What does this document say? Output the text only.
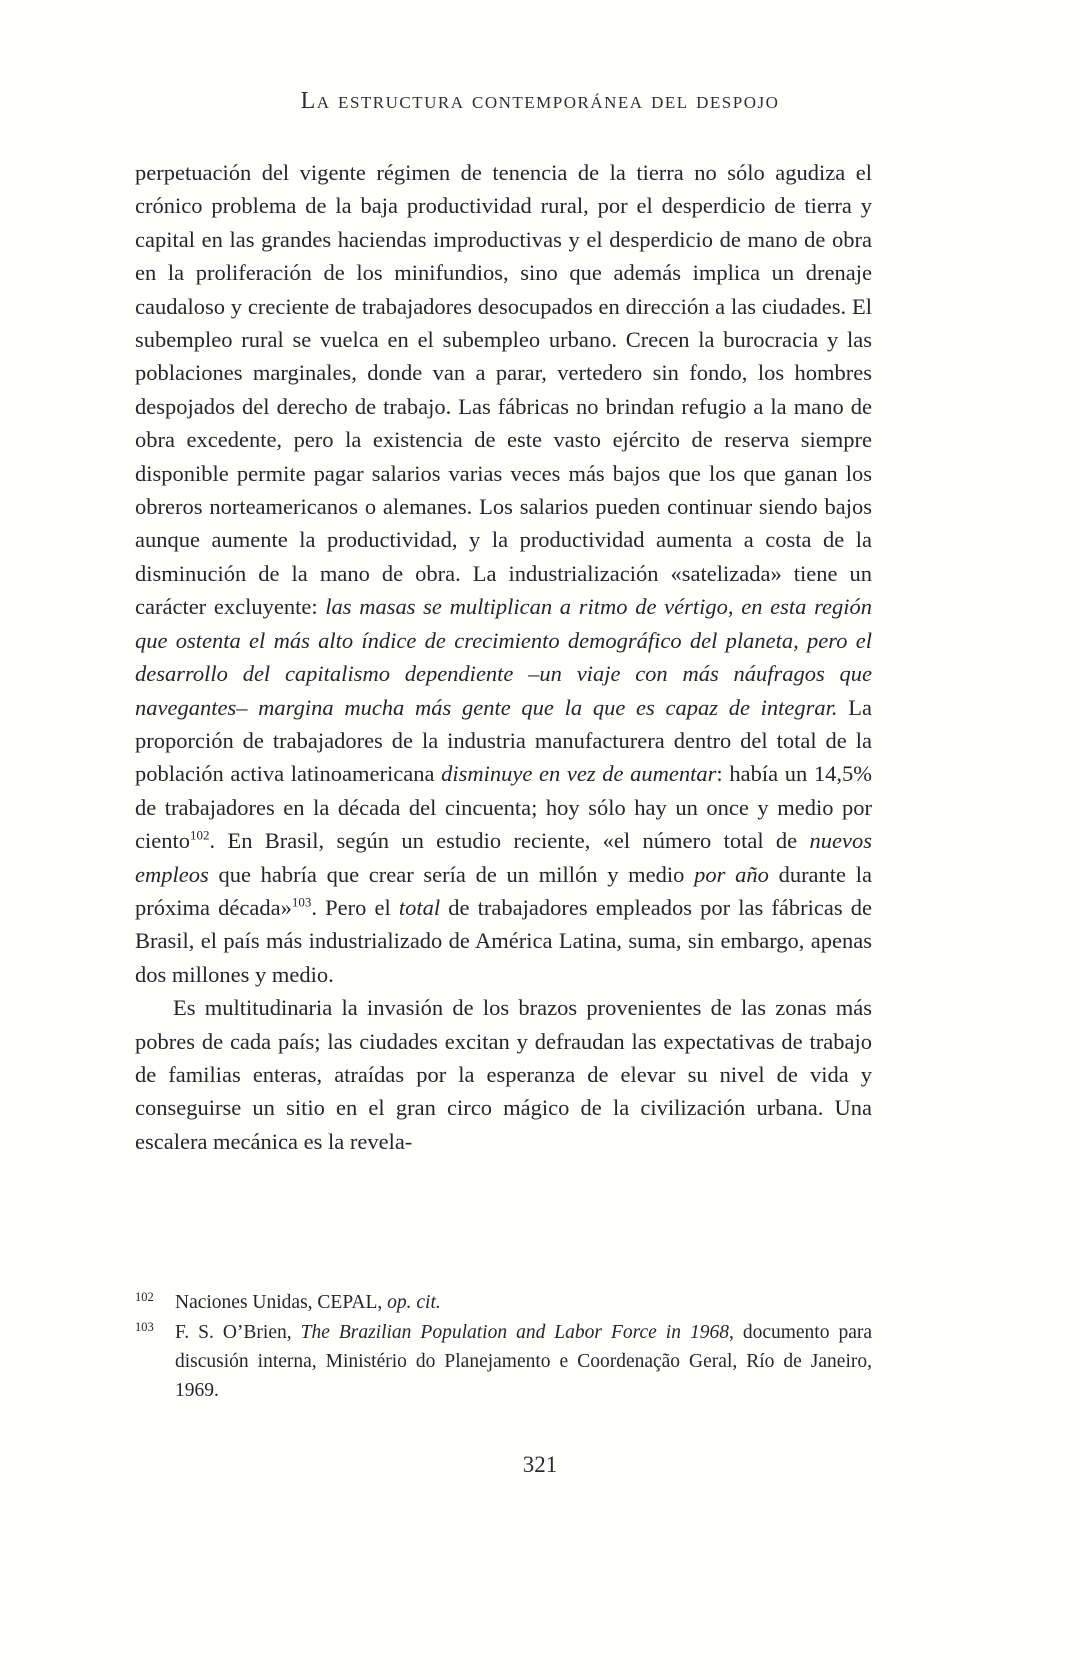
La estructura contemporánea del despojo

perpetuación del vigente régimen de tenencia de la tierra no sólo agudiza el crónico problema de la baja productividad rural, por el desperdicio de tierra y capital en las grandes haciendas improductivas y el desperdicio de mano de obra en la proliferación de los minifundios, sino que además implica un drenaje caudaloso y creciente de trabajadores desocupados en dirección a las ciudades. El subempleo rural se vuelca en el subempleo urbano. Crecen la burocracia y las poblaciones marginales, donde van a parar, vertedero sin fondo, los hombres despojados del derecho de trabajo. Las fábricas no brindan refugio a la mano de obra excedente, pero la existencia de este vasto ejército de reserva siempre disponible permite pagar salarios varias veces más bajos que los que ganan los obreros norteamericanos o alemanes. Los salarios pueden continuar siendo bajos aunque aumente la productividad, y la productividad aumenta a costa de la disminución de la mano de obra. La industrialización «satelizada» tiene un carácter excluyente: las masas se multiplican a ritmo de vértigo, en esta región que ostenta el más alto índice de crecimiento demográfico del planeta, pero el desarrollo del capitalismo dependiente –un viaje con más náufragos que navegantes– margina mucha más gente que la que es capaz de integrar. La proporción de trabajadores de la industria manufacturera dentro del total de la población activa latinoamericana disminuye en vez de aumentar: había un 14,5% de trabajadores en la década del cincuenta; hoy sólo hay un once y medio por ciento$^{102}$. En Brasil, según un estudio reciente, «el número total de nuevos empleos que habría que crear sería de un millón y medio por año durante la próxima década»$^{103}$. Pero el total de trabajadores empleados por las fábricas de Brasil, el país más industrializado de América Latina, suma, sin embargo, apenas dos millones y medio.

Es multitudinaria la invasión de los brazos provenientes de las zonas más pobres de cada país; las ciudades excitan y defraudan las expectativas de trabajo de familias enteras, atraídas por la esperanza de elevar su nivel de vida y conseguirse un sitio en el gran circo mágico de la civilización urbana. Una escalera mecánica es la revela-

102 Naciones Unidas, CEPAL, op. cit.
103 F. S. O’Brien, The Brazilian Population and Labor Force in 1968, documento para discusión interna, Ministério do Planejamento e Coordenação Geral, Río de Janeiro, 1969.
321
